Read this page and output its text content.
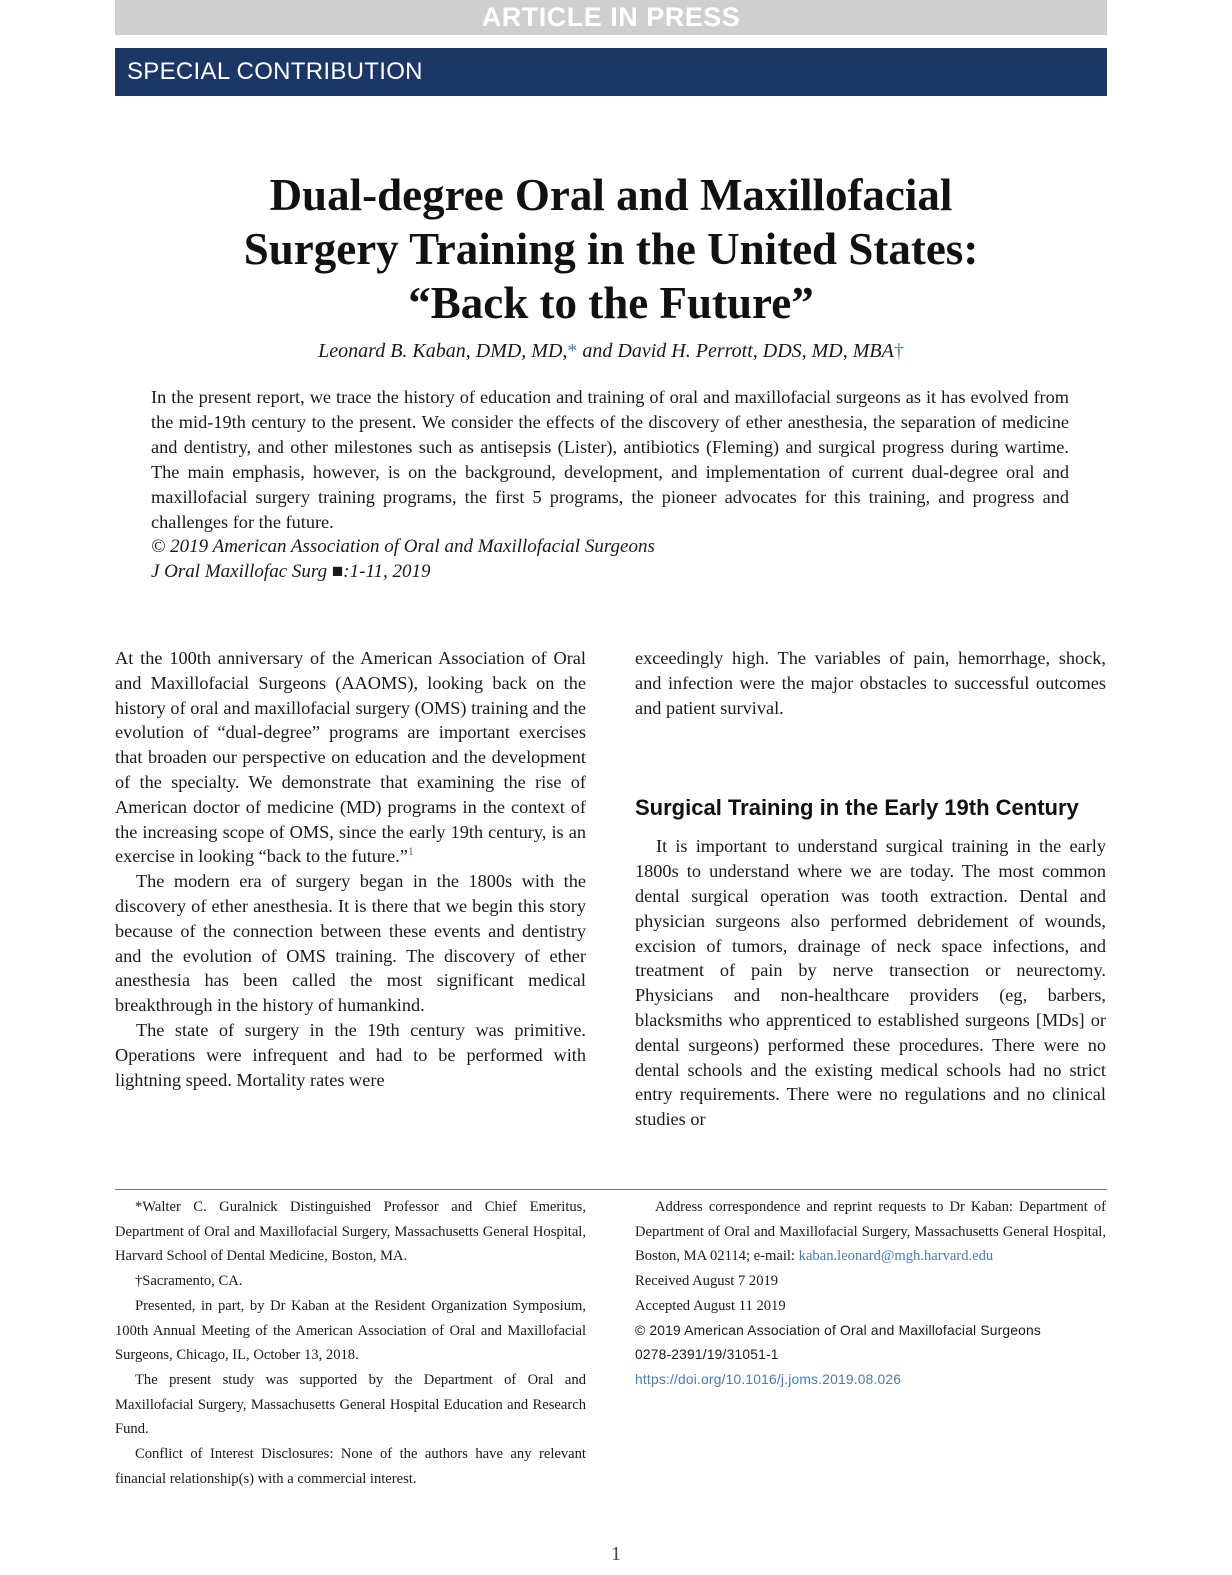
ARTICLE IN PRESS
SPECIAL CONTRIBUTION
Dual-degree Oral and Maxillofacial
Surgery Training in the United States:
“Back to the Future”
Leonard B. Kaban, DMD, MD,* and David H. Perrott, DDS, MD, MBA†
In the present report, we trace the history of education and training of oral and maxillofacial surgeons as it has evolved from the mid-19th century to the present. We consider the effects of the discovery of ether anesthesia, the separation of medicine and dentistry, and other milestones such as antisepsis (Lister), antibiotics (Fleming) and surgical progress during wartime. The main emphasis, however, is on the background, development, and implementation of current dual-degree oral and maxillofacial surgery training programs, the first 5 programs, the pioneer advocates for this training, and progress and challenges for the future.
© 2019 American Association of Oral and Maxillofacial Surgeons
J Oral Maxillofac Surg ■:1-11, 2019

At the 100th anniversary of the American Association of Oral and Maxillofacial Surgeons (AAOMS), looking back on the history of oral and maxillofacial surgery (OMS) training and the evolution of “dual-degree” programs are important exercises that broaden our perspective on education and the development of the specialty. We demonstrate that examining the rise of American doctor of medicine (MD) programs in the context of the increasing scope of OMS, since the early 19th century, is an exercise in looking “back to the future.”$^1$

The modern era of surgery began in the 1800s with the discovery of ether anesthesia. It is there that we begin this story because of the connection between these events and dentistry and the evolution of OMS training. The discovery of ether anesthesia has been called the most significant medical breakthrough in the history of humankind.

The state of surgery in the 19th century was primitive. Operations were infrequent and had to be performed with lightning speed. Mortality rates were

exceedingly high. The variables of pain, hemorrhage, shock, and infection were the major obstacles to successful outcomes and patient survival.

Surgical Training in the Early 19th Century

It is important to understand surgical training in the early 1800s to understand where we are today. The most common dental surgical operation was tooth extraction. Dental and physician surgeons also performed debridement of wounds, excision of tumors, drainage of neck space infections, and treatment of pain by nerve transection or neurectomy. Physicians and non-healthcare providers (eg, barbers, blacksmiths who apprenticed to established surgeons [MDs] or dental surgeons) performed these procedures. There were no dental schools and the existing medical schools had no strict entry requirements. There were no regulations and no clinical studies or

*Walter C. Guralnick Distinguished Professor and Chief Emeritus, Department of Oral and Maxillofacial Surgery, Massachusetts General Hospital, Harvard School of Dental Medicine, Boston, MA.

†Sacramento, CA.

Presented, in part, by Dr Kaban at the Resident Organization Symposium, 100th Annual Meeting of the American Association of Oral and Maxillofacial Surgeons, Chicago, IL, October 13, 2018.

The present study was supported by the Department of Oral and Maxillofacial Surgery, Massachusetts General Hospital Education and Research Fund.

Conflict of Interest Disclosures: None of the authors have any relevant financial relationship(s) with a commercial interest.

Address correspondence and reprint requests to Dr Kaban: Department of Department of Oral and Maxillofacial Surgery, Massachusetts General Hospital, Boston, MA 02114; e-mail: kaban.leonard@mgh.harvard.edu

Received August 7 2019

Accepted August 11 2019

© 2019 American Association of Oral and Maxillofacial Surgeons

0278-2391/19/31051-1

https://doi.org/10.1016/j.joms.2019.08.026

1
